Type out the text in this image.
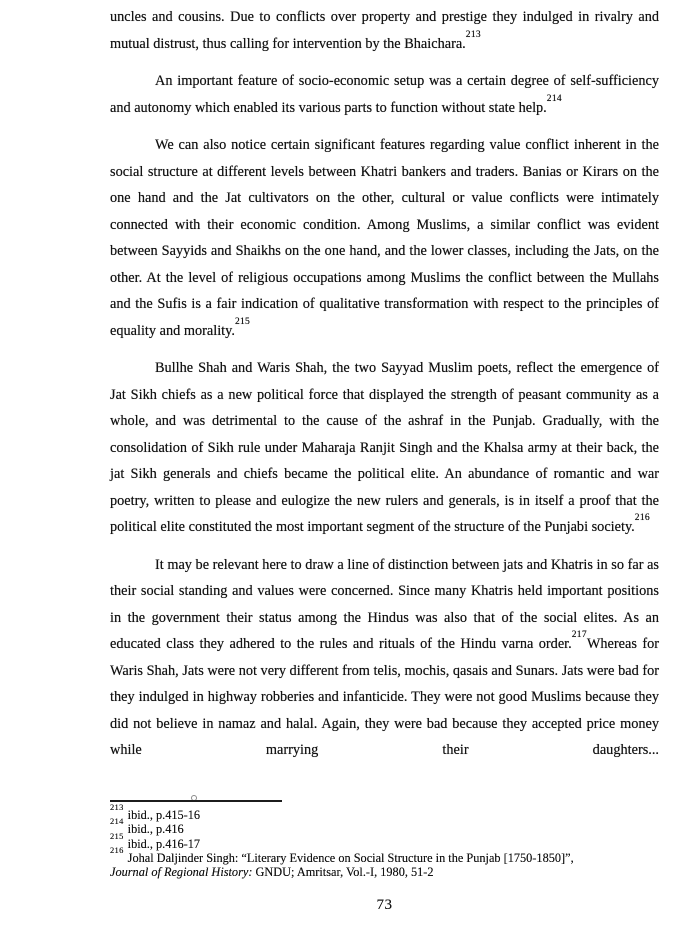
uncles and cousins. Due to conflicts over property and prestige they indulged in rivalry and mutual distrust, thus calling for intervention by the Bhaichara.$^{213}$

An important feature of socio-economic setup was a certain degree of self-sufficiency and autonomy which enabled its various parts to function without state help.$^{214}$

We can also notice certain significant features regarding value conflict inherent in the social structure at different levels between Khatri bankers and traders. Banias or Kirars on the one hand and the Jat cultivators on the other, cultural or value conflicts were intimately connected with their economic condition. Among Muslims, a similar conflict was evident between Sayyids and Shaikhs on the one hand, and the lower classes, including the Jats, on the other. At the level of religious occupations among Muslims the conflict between the Mullahs and the Sufis is a fair indication of qualitative transformation with respect to the principles of equality and morality.$^{215}$

Bullhe Shah and Waris Shah, the two Sayyad Muslim poets, reflect the emergence of Jat Sikh chiefs as a new political force that displayed the strength of peasant community as a whole, and was detrimental to the cause of the ashraf in the Punjab. Gradually, with the consolidation of Sikh rule under Maharaja Ranjit Singh and the Khalsa army at their back, the jat Sikh generals and chiefs became the political elite. An abundance of romantic and war poetry, written to please and eulogize the new rulers and generals, is in itself a proof that the political elite constituted the most important segment of the structure of the Punjabi society.$^{216}$

It may be relevant here to draw a line of distinction between jats and Khatris in so far as their social standing and values were concerned. Since many Khatris held important positions in the government their status among the Hindus was also that of the social elites. As an educated class they adhered to the rules and rituals of the Hindu varna order.$^{217}$Whereas for Waris Shah, Jats were not very different from telis, mochis, qasais and Sunars. Jats were bad for they indulged in highway robberies and infanticide. They were not good Muslims because they did not believe in namaz and halal. Again, they were bad because they accepted price money while marrying their daughters...

$^{213}$ibid., p.415-16
$^{214}$ibid., p.416
$^{215}$ibid., p.416-17
$^{216}$Johal Daljinder Singh: “Literary Evidence on Social Structure in the Punjab [1750-1850]”,
Journal of Regional History: GNDU; Amritsar, Vol.-I, 1980, 51-2
73
